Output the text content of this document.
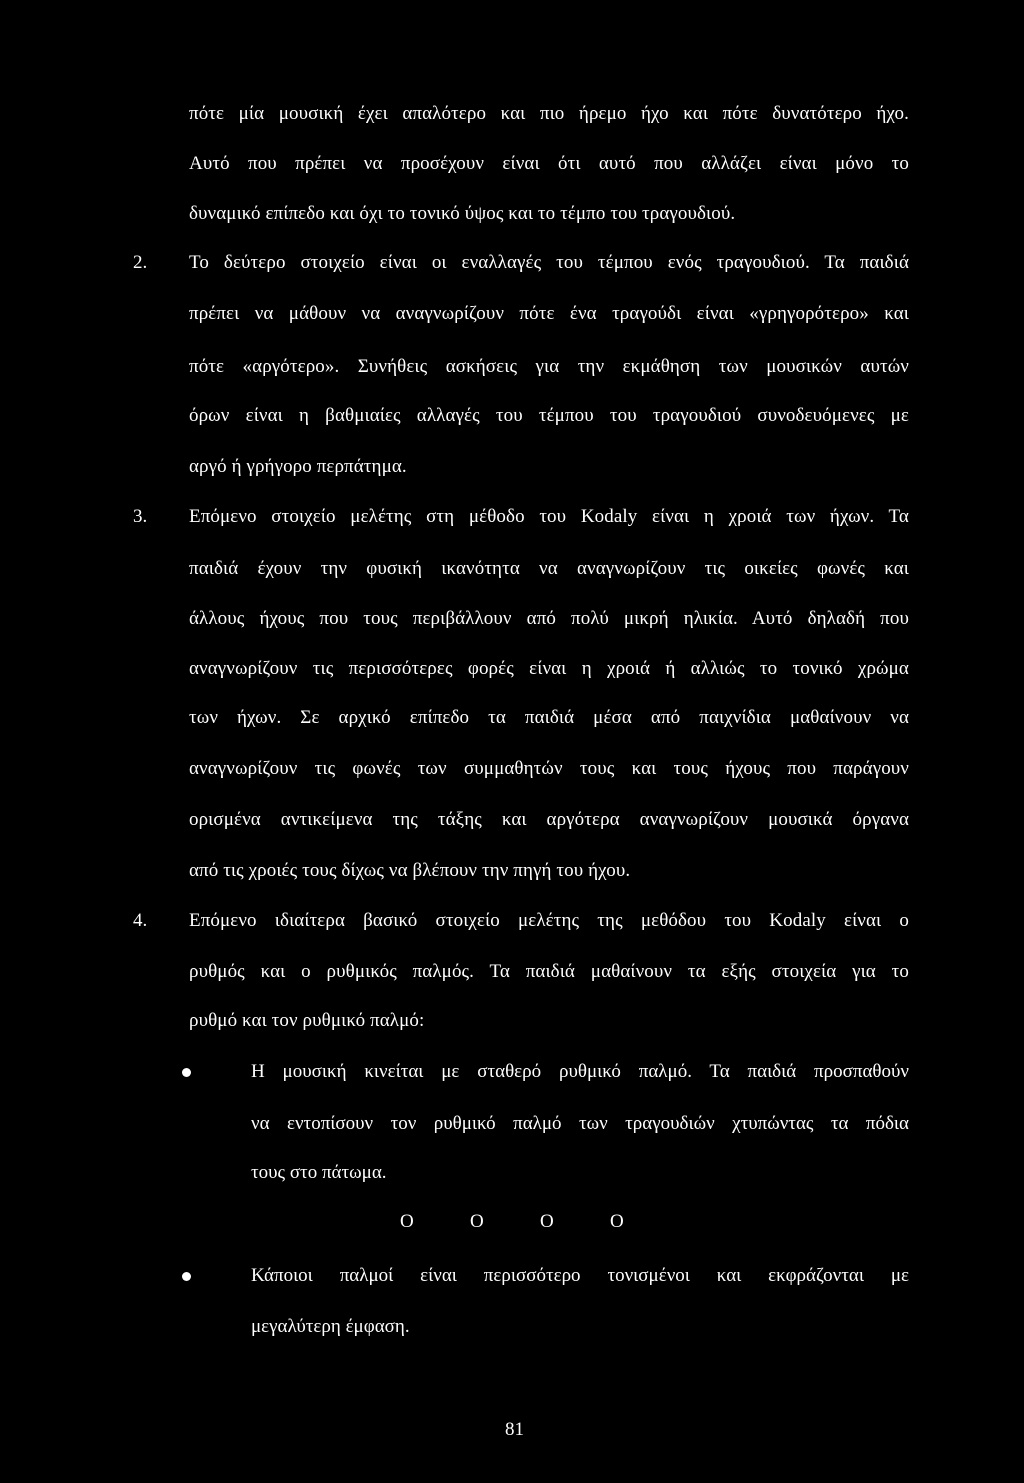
πότε μία μουσική έχει απαλότερο και πιο ήρεμο ήχο και πότε δυνατότερο ήχο.
Αυτό που πρέπει να προσέχουν είναι ότι αυτό που αλλάζει είναι μόνο το
δυναμικό επίπεδο και όχι το τονικό ύψος και το τέμπο του τραγουδιού.
2. Το δεύτερο στοιχείο είναι οι εναλλαγές του τέμπου ενός τραγουδιού. Τα παιδιά
πρέπει να μάθουν να αναγνωρίζουν πότε ένα τραγούδι είναι «γρηγορότερο» και
πότε «αργότερο». Συνήθεις ασκήσεις για την εκμάθηση των μουσικών αυτών
όρων είναι η βαθμιαίες αλλαγές του τέμπου του τραγουδιού συνοδευόμενες με
αργό ή γρήγορο περπάτημα.
3. Επόμενο στοιχείο μελέτης στη μέθοδο του Kodaly είναι η χροιά των ήχων. Τα
παιδιά έχουν την φυσική ικανότητα να αναγνωρίζουν τις οικείες φωνές και
άλλους ήχους που τους περιβάλλουν από πολύ μικρή ηλικία. Αυτό δηλαδή που
αναγνωρίζουν τις περισσότερες φορές είναι η χροιά ή αλλιώς το τονικό χρώμα
των ήχων. Σε αρχικό επίπεδο τα παιδιά μέσα από παιχνίδια μαθαίνουν να
αναγνωρίζουν τις φωνές των συμμαθητών τους και τους ήχους που παράγουν
ορισμένα αντικείμενα της τάξης και αργότερα αναγνωρίζουν μουσικά όργανα
από τις χροιές τους δίχως να βλέπουν την πηγή του ήχου.
4. Επόμενο ιδιαίτερα βασικό στοιχείο μελέτης της μεθόδου του Kodaly είναι ο
ρυθμός και ο ρυθμικός παλμός. Τα παιδιά μαθαίνουν τα εξής στοιχεία για το
ρυθμό και τον ρυθμικό παλμό:
Η μουσική κινείται με σταθερό ρυθμικό παλμό. Τα παιδιά προσπαθούν
να εντοπίσουν τον ρυθμικό παλμό των τραγουδιών χτυπώντας τα πόδια
τους στο πάτωμα.
O	O	O	O
Κάποιοι παλμοί είναι περισσότερο τονισμένοι και εκφράζονται με
μεγαλύτερη έμφαση.
81
